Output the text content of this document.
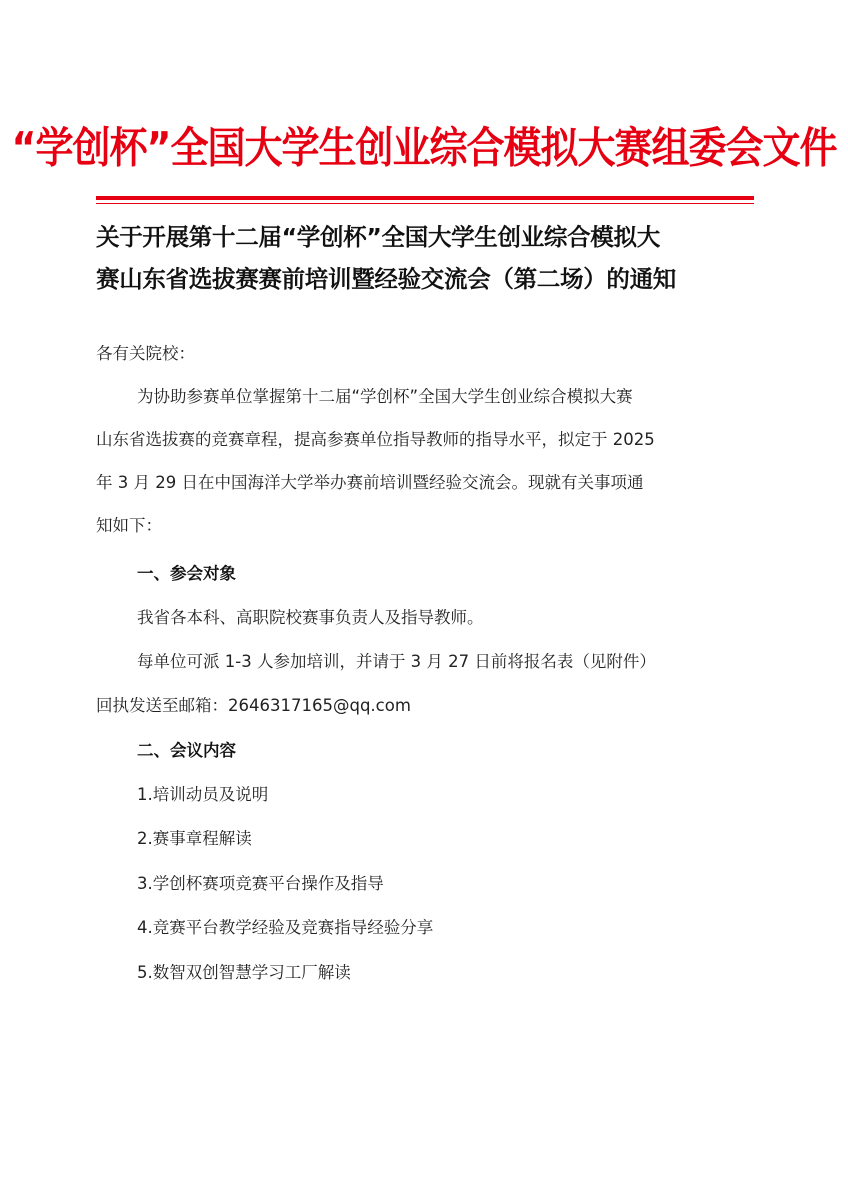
“学创杯”全国大学生创业综合模拟大赛组委会文件
关于开展第十二届“学创杯”全国大学生创业综合模拟大
赛山东省选拔赛赛前培训暨经验交流会（第二场）的通知
各有关院校：
为协助参赛单位掌握第十二届“学创杯”全国大学生创业综合模拟大赛
山东省选拔赛的竞赛章程，提高参赛单位指导教师的指导水平，拟定于 2025
年 3 月 29 日在中国海洋大学举办赛前培训暨经验交流会。现就有关事项通
知如下：
一、参会对象
我省各本科、高职院校赛事负责人及指导教师。
每单位可派 1-3 人参加培训，并请于 3 月 27 日前将报名表（见附件）
回执发送至邮箱：2646317165@qq.com
二、会议内容
1.培训动员及说明
2.赛事章程解读
3.学创杯赛项竞赛平台操作及指导
4.竞赛平台教学经验及竞赛指导经验分享
5.数智双创智慧学习工厂解读
